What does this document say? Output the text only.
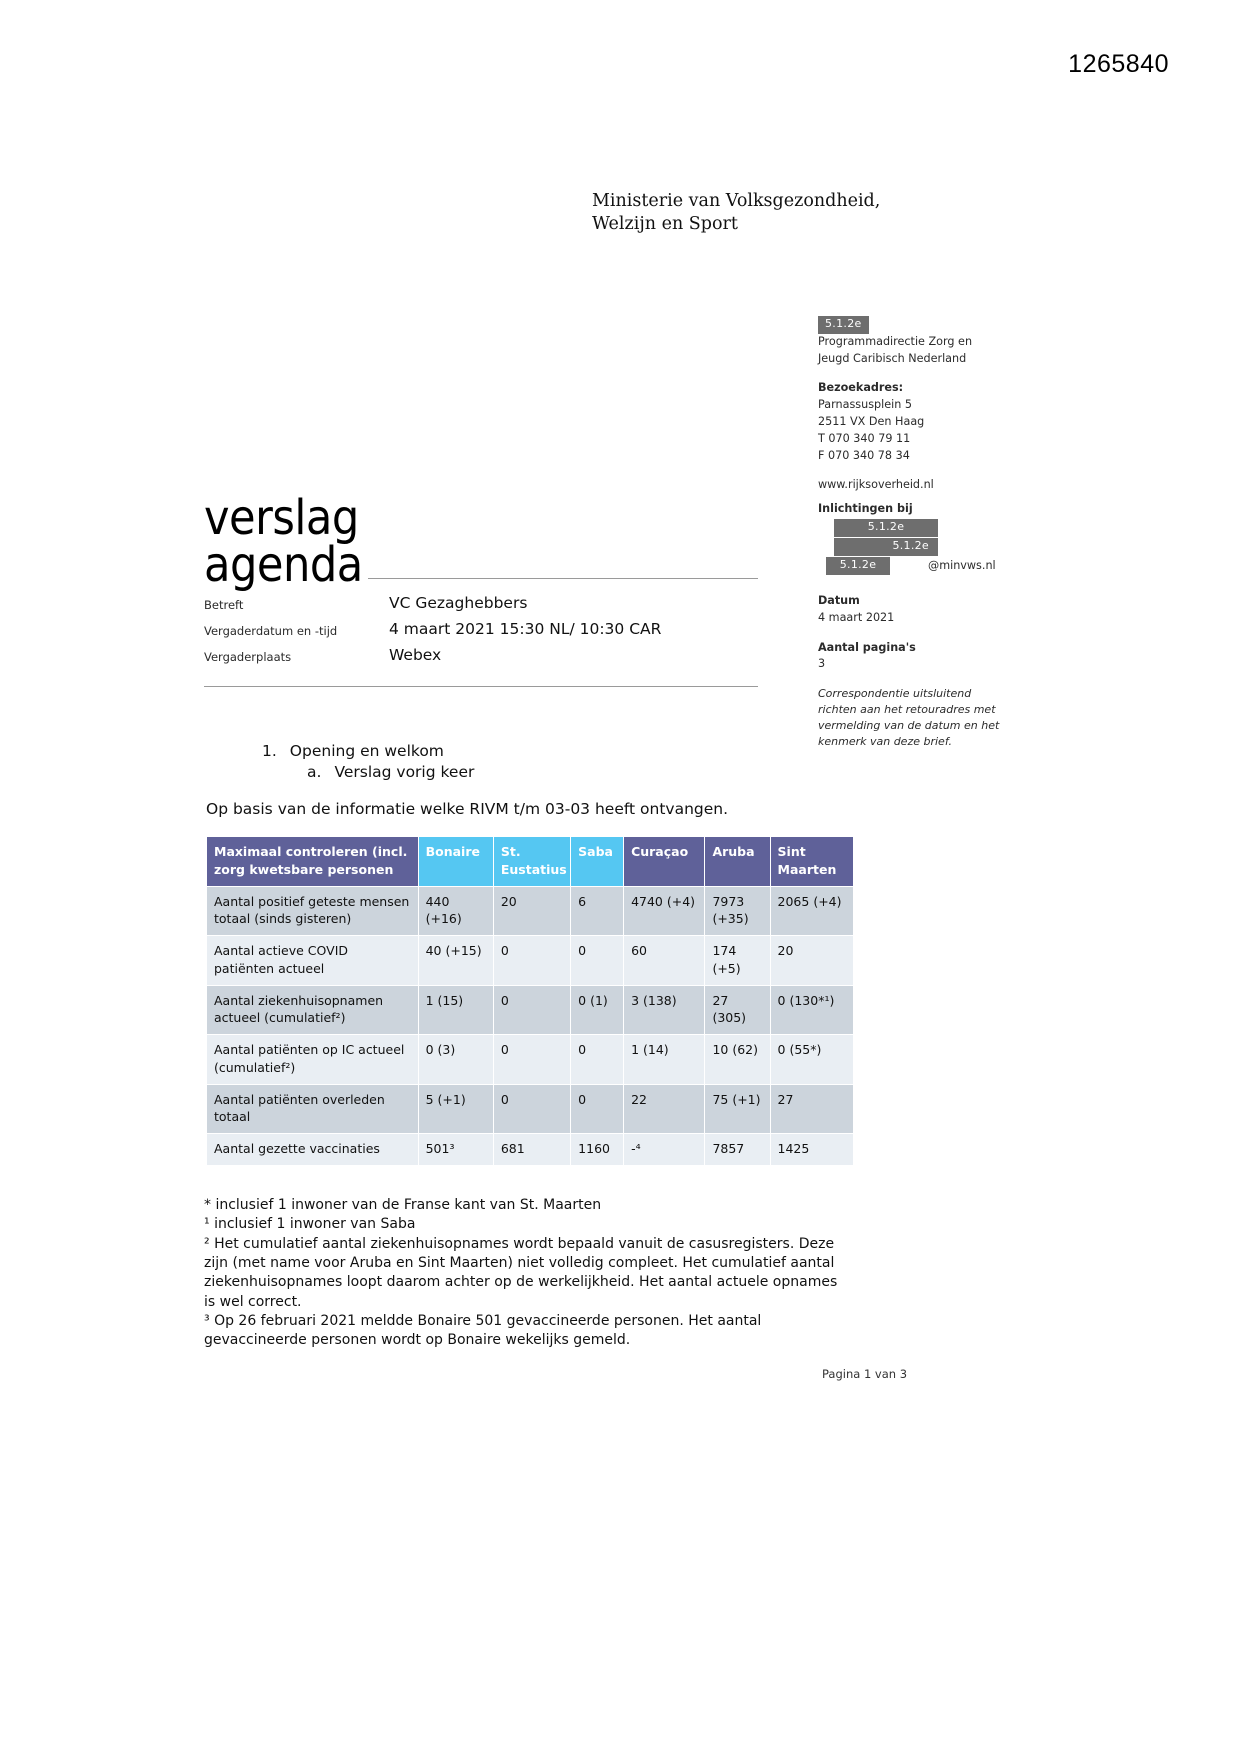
1265840
Ministerie van Volksgezondheid,
Welzijn en Sport
5.1.2e
Programmadirectie Zorg en
Jeugd Caribisch Nederland
Bezoekadres:
Parnassusplein 5
2511 VX Den Haag
T 070 340 79 11
F 070 340 78 34
www.rijksoverheid.nl
Inlichtingen bij
5.1.2e
5.1.2e
5.1.2e	@minvws.nl
Datum
4 maart 2021
Aantal pagina's
3
Correspondentie uitsluitend richten aan het retouradres met vermelding van de datum en het kenmerk van deze brief.
verslag
agenda
Betreft	VC Gezaghebbers
Vergaderdatum en -tijd	4 maart 2021 15:30 NL/ 10:30 CAR
Vergaderplaats	Webex
1. Opening en welkom
a. Verslag vorig keer
Op basis van de informatie welke RIVM t/m 03-03 heeft ontvangen.
Maximaal controleren (incl. zorg kwetsbare personen	Bonaire	St. Eustatius	Saba	Curaçao	Aruba	Sint Maarten
Aantal positief geteste mensen totaal (sinds gisteren)	440 (+16)	20	6	4740 (+4)	7973 (+35)	2065 (+4)
Aantal actieve COVID patiënten actueel	40 (+15)	0	0	60	174 (+5)	20
Aantal ziekenhuisopnamen actueel (cumulatief²)	1 (15)	0	0 (1)	3 (138)	27 (305)	0 (130*¹)
Aantal patiënten op IC actueel (cumulatief²)	0 (3)	0	0	1 (14)	10 (62)	0 (55*)
Aantal patiënten overleden totaal	5 (+1)	0	0	22	75 (+1)	27
Aantal gezette vaccinaties	501³	681	1160	-⁴	7857	1425
* inclusief 1 inwoner van de Franse kant van St. Maarten
¹ inclusief 1 inwoner van Saba
² Het cumulatief aantal ziekenhuisopnames wordt bepaald vanuit de casusregisters. Deze zijn (met name voor Aruba en Sint Maarten) niet volledig compleet. Het cumulatief aantal ziekenhuisopnames loopt daarom achter op de werkelijkheid. Het aantal actuele opnames is wel correct.
³ Op 26 februari 2021 meldde Bonaire 501 gevaccineerde personen. Het aantal gevaccineerde personen wordt op Bonaire wekelijks gemeld.
Pagina 1 van 3
